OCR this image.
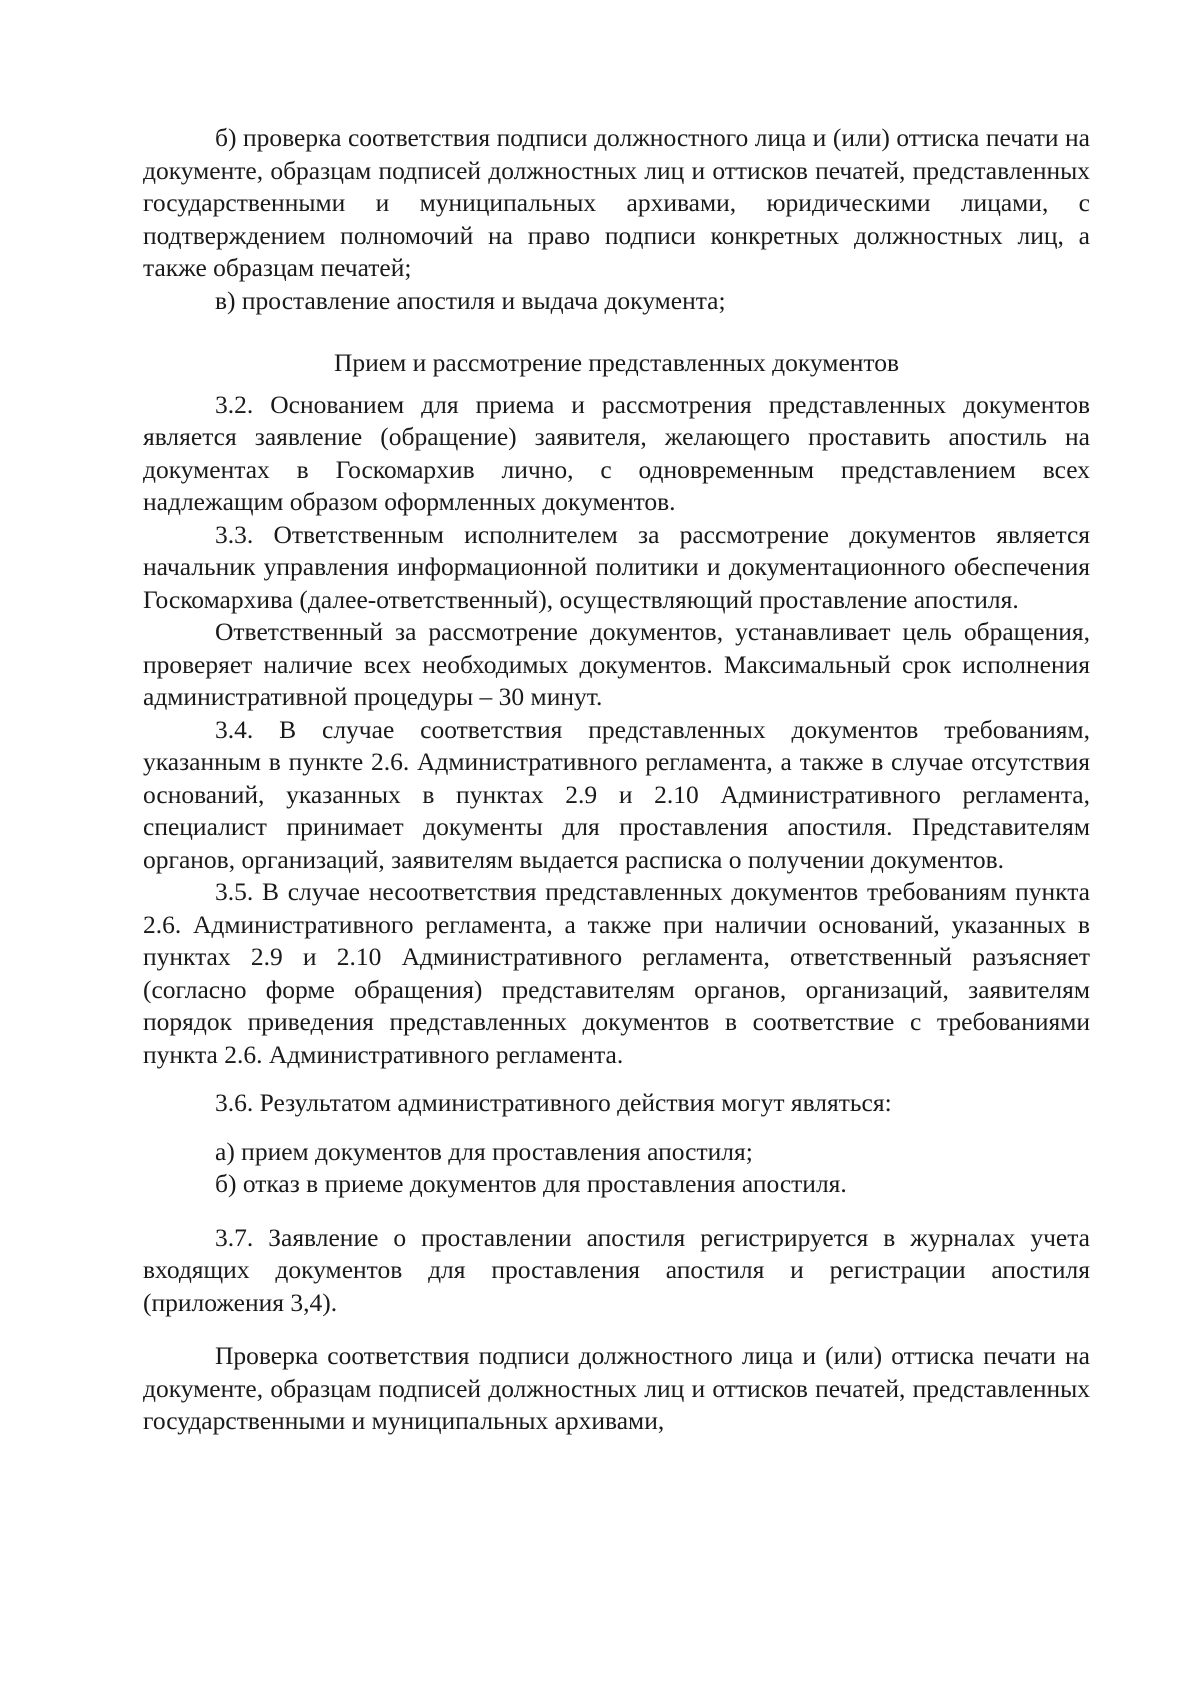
б) проверка соответствия подписи должностного лица и (или) оттиска печати на документе, образцам подписей должностных лиц и оттисков печатей, представленных государственными и муниципальных архивами, юридическими лицами, с подтверждением полномочий на право подписи конкретных должностных лиц, а также образцам печатей;

в) проставление апостиля и выдача документа;

Прием и рассмотрение представленных документов

3.2. Основанием для приема и рассмотрения представленных документов является заявление (обращение) заявителя, желающего проставить апостиль на документах в Госкомархив лично, с одновременным представлением всех надлежащим образом оформленных документов.

3.3. Ответственным исполнителем за рассмотрение документов является начальник управления информационной политики и документационного обеспечения Госкомархива (далее-ответственный), осуществляющий проставление апостиля.

Ответственный за рассмотрение документов, устанавливает цель обращения, проверяет наличие всех необходимых документов. Максимальный срок исполнения административной процедуры – 30 минут.

3.4. В случае соответствия представленных документов требованиям, указанным в пункте 2.6. Административного регламента, а также в случае отсутствия оснований, указанных в пунктах 2.9 и 2.10 Административного регламента, специалист принимает документы для проставления апостиля. Представителям органов, организаций, заявителям выдается расписка о получении документов.

3.5. В случае несоответствия представленных документов требованиям пункта 2.6. Административного регламента, а также при наличии оснований, указанных в пунктах 2.9 и 2.10 Административного регламента, ответственный разъясняет (согласно форме обращения) представителям органов, организаций, заявителям порядок приведения представленных документов в соответствие с требованиями пункта 2.6. Административного регламента.

3.6. Результатом административного действия могут являться:

а) прием документов для проставления апостиля;

б) отказ в приеме документов для проставления апостиля.

3.7. Заявление о проставлении апостиля регистрируется в журналах учета входящих документов для проставления апостиля и регистрации апостиля (приложения 3,4).

Проверка соответствия подписи должностного лица и (или) оттиска печати на документе, образцам подписей должностных лиц и оттисков печатей, представленных государственными и муниципальных архивами,
